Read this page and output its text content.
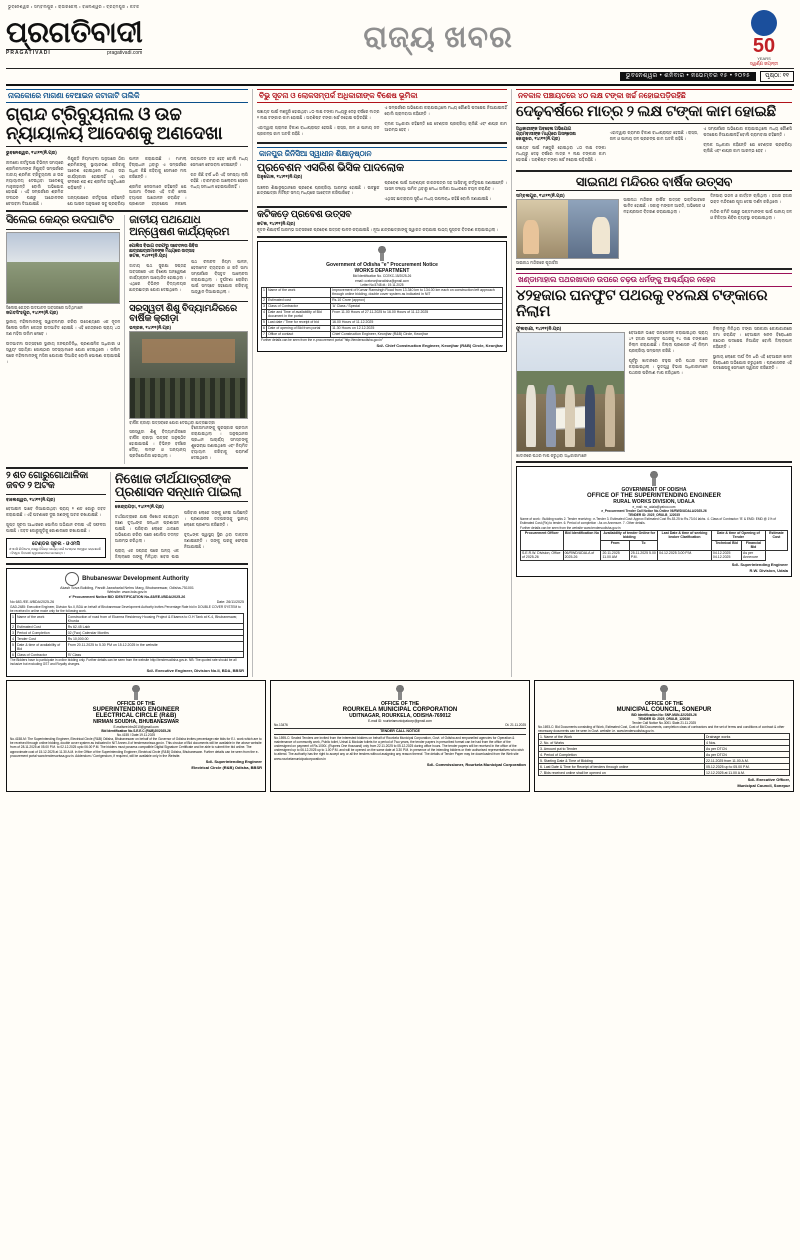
ଭୁବନେଶ୍ୱର • ସମ୍ବଲପୁର • ରାଉରକେଲା • ବାଲେଶ୍ୱର • ବ୍ରହ୍ମପୁର • କଟକ
ପ୍ରଗତିବାଦୀ
PRAGATIVADI	pragativadi.com	ରାଜ୍ୟ ଖବର	50
YEARS
ସ୍ୱର୍ଣ୍ଣ ଜୟନ୍ତୀ
ଭୁବନେଶ୍ୱର • ଶନିବାର • ନଭେମ୍ବର ୧୫ • ୨୦୨୫	ପୃଷ୍ଠା: ୧୧
ନାଲକୋରେ ମାଗଣା ବେଆଇନ ଜଟାଜାଟି ତାଲିକି
ଗ୍ରାନ୍ଦ ଟ୍ରିବ୍ୟୁନାଲ ଓ ଉଚ୍ଚ ନ୍ୟାୟାଳୟ ଆଦେଶକୁ ଅଣଦେଖା
ଭୁବନେଶ୍ୱର, ୧୪ା୧୧(ନି.ପ୍ର)

ନାଲକୋ କର୍ତ୍ତୃପକ୍ଷ ବିଭିନ୍ନ ସମୟରେ ଶ୍ରମିକମାନଙ୍କ ନିଯୁକ୍ତି ସମ୍ପର୍କରେ ଜାତୀୟ ଶ୍ରମିକ ଟ୍ରିବ୍ୟୁନାଲ ଓ ଉଚ୍ଚ ନ୍ୟାୟାଳୟ ଦେଇଥିବା ଆଦେଶକୁ ମାନୁନାହାନ୍ତି ବୋଲି ଅଭିଯୋଗ ହୋଇଛି । ଏହି ସମ୍ପର୍କରେ ଶ୍ରମିକ ସଂଗଠନ ପକ୍ଷରୁ ଆନ୍ଦୋଳନର ଚେତାବନୀ ଦିଆଯାଇଛି ।

ନିଯୁକ୍ତି ନିୟମାବଳୀ ଅନୁସାରେ ଠିକା ଶ୍ରମିକଙ୍କୁ ସ୍ଥାୟୀକରଣ କରିବାକୁ ଆଦେଶ ହୋଇଥିଲେ ମଧ୍ୟ ତାହା କାର୍ଯ୍ୟକାରୀ ହୋଇନାହିଁ । ଏହା ଫଳରେ ଶହ ଶହ ଶ୍ରମିକ ଅସୁବିଧାରେ ପଡ଼ିଛନ୍ତି ।

ଅନ୍ୟପକ୍ଷରେ କର୍ତ୍ତୃପକ୍ଷ କହିଛନ୍ତି ଯେ ଆଇନ ଅନୁସାରେ ସବୁ ପ୍ରକ୍ରିୟା ପାଳନ କରାଯାଉଛି । ମାମଲା ବିଚାରାଧୀନ ଥିବାରୁ ଏ ସମ୍ପର୍କରେ ଅଧିକ କିଛି କହିବାକୁ ସେମାନେ ମନା କରିଛନ୍ତି ।

ଶ୍ରମିକ ନେତାମାନେ କହିଛନ୍ତି ଯେ ଆଗାମୀ ଦିନରେ ଏହି ଦାବି ନେଇ ବ୍ୟାପକ ଆନ୍ଦୋଳନ କରାଯିବ । ପ୍ରଶାସନ ହସ୍ତକ୍ଷେପ ନକଲେ ଉତ୍ପାଦନ ବନ୍ଦ ହେବ ବୋଲି ମଧ୍ୟ ସେମାନେ ଚେତାବନୀ ଦେଇଛନ୍ତି ।

ଗତ କିଛି ବର୍ଷ ଧରି ଏହି ସମସ୍ୟା ଲାଗି ରହିଛି । ବାରମ୍ବାର ଆଲୋଚନା ହେଲେ ମଧ୍ୟ ସମାଧାନ ହୋଇପାରିନାହିଁ ।

ସିଲେଇ କେନ୍ଦ୍ର ଉଦଘାଟିତ
ସିଲେଇ କେନ୍ଦ୍ର ଉଦଘାଟନ ଅବସରରେ ଅତିଥିମାନେ
ଜଗତସିଂହପୁର, ୧୪ା୧୧(ନି.ପ୍ର)

ସ୍ଥାନୀୟ ମହିଳାମାନଙ୍କୁ ସ୍ୱାବଲମ୍ବୀ କରିବା ଉଦ୍ଦେଶ୍ୟରେ ଏକ ନୂତନ ସିଲେଇ ତାଲିମ କେନ୍ଦ୍ର ଉଦଘାଟିତ ହୋଇଛି । ଏହି କେନ୍ଦ୍ରରେ ପ୍ରାୟ ୪୦ ଜଣ ମହିଳା ତାଲିମ ନେବେ ।

ଉଦଘାଟନୀ ଉତ୍ସବରେ ସ୍ଥାନୀୟ ଜନପ୍ରତିନିଧି, ପ୍ରଶାସନିକ ଅଧିକାରୀ ଓ ସ୍ୱୟଂ ସହାୟିକା ଗୋଷ୍ଠୀର ସଦସ୍ୟାମାନେ ଯୋଗ ଦେଇଥିଲେ । ତାଲିମ ପରେ ମହିଳାମାନଙ୍କୁ ମସିନା ଯୋଗାଇ ଦିଆଯିବ ବୋଲି ଘୋଷଣା କରାଯାଇଛି ।

ଜାତୀୟ ପଥଯୋଧ ଅନ୍ୱେଷଣ କାର୍ଯ୍ୟକ୍ରମ
ପୋଲିସ ବିଭାଗ ତରଫରୁ ସଚେତନତା ଶିବିର
ଛାତ୍ରଛାତ୍ରୀମାନଙ୍କ ମଧ୍ୟରେ ଉତ୍ସାହ
କଟକ, ୧୪ା୧୧(ନି.ପ୍ର)

ଜାତୀୟ ପଥ ସୁରକ୍ଷା ସପ୍ତାହ ଅବସରରେ ଏକ ବିଶେଷ ଅନ୍ୱେଷଣ କାର୍ଯ୍ୟକ୍ରମ ଆୟୋଜିତ ହୋଇଥିଲା । ଏଥିରେ ବିଭିନ୍ନ ବିଦ୍ୟାଳୟର ଛାତ୍ରଛାତ୍ରୀ ଯୋଗ ଦେଇଥିଲେ ।

ପଥ ଚଳାଚଳ ନିୟମ ପାଳନ, ହେଲମେଟ ବ୍ୟବହାର ଓ ଗତି ସୀମା ସମ୍ପର୍କରେ ବିସ୍ତୃତ ଆଲୋଚନା କରାଯାଇଥିଲା । ଦୁର୍ଘଟଣା ରୋକିବା ପାଇଁ ସମସ୍ତେ ସହଯୋଗ କରିବାକୁ ଆହ୍ୱାନ ଦିଆଯାଇଥିଲା ।

ସରସ୍ୱତୀ ଶିଶୁ ବିଦ୍ୟାମନ୍ଦିରରେ ବାର୍ଷିକ କ୍ରୀଡ଼ା
ଭଦ୍ରକ, ୧୪ା୧୧(ନି.ପ୍ର)
ବାର୍ଷିକ କ୍ରୀଡ଼ା ଉତ୍ସବରେ ଯୋଗ ଦେଇଥିବା ଛାତ୍ରଛାତ୍ରୀ

ସରସ୍ୱତୀ ଶିଶୁ ବିଦ୍ୟାମନ୍ଦିରରେ ବାର୍ଷିକ କ୍ରୀଡ଼ା ଉତ୍ସବ ଅନୁଷ୍ଠିତ ହୋଇଯାଇଛି । ବିଭିନ୍ନ ବର୍ଗରେ ଦୌଡ଼, ଲମ୍ଫ ଓ ଅନ୍ୟାନ୍ୟ ପ୍ରତିଯୋଗିତା ହୋଇଥିଲା ।

ବିଜେତାମାନଙ୍କୁ ପୁରସ୍କାର ପ୍ରଦାନ କରାଯାଇଥିଲା । ଅନୁଷ୍ଠାନର ପ୍ରଧାନ ଆଚାର୍ଯ୍ୟ ସମସ୍ତଙ୍କୁ ଶୁଭେଚ୍ଛା ଜଣାଇଥିଲେ ଏବଂ ନିୟମିତ ବ୍ୟାୟାମ କରିବାକୁ ପରାମର୍ଶ ଦେଇଥିଲେ ।

୨ ଶତ ଗୋରୁଗୋଥାଳିକା ଜବତ ୨ ଅଟକ
ବାଲେଶ୍ୱର, ୧୪ା୧୧(ନି.ପ୍ର)

ବେଆଇନ ଭାବେ ନିଆଯାଉଥିବା ପ୍ରାୟ ୨ ଶତ ଗୋରୁ ଜବତ କରାଯାଇଛି । ଏହି ଘଟଣାରେ ଦୁଇ ଜଣଙ୍କୁ ଅଟକ ରଖାଯାଇଛି ।

ଗୁପ୍ତ ସୂଚନା ଆଧାରରେ ପୋଲିସ ଅଭିଯାନ ଚଳାଇ ଏହି ସଫଳତା ପାଇଛି । ଜବତ ଗୋରୁଗୁଡ଼ିକୁ ଗୋଶାଳାରେ ରଖାଯାଇଛି ।

ଟେଣ୍ଡର ସୂଚନା - ଓଏମସି
ଓଏମସି ଲିମିଟେଡ୍ ପକ୍ଷରୁ ବିଭିନ୍ନ କାର୍ଯ୍ୟ ପାଇଁ ଟେଣ୍ଡର ଆହ୍ୱାନ କରାଯାଉଛି । ବିସ୍ତୃତ ବିବରଣୀ ୱେବସାଇଟରେ ଉପଲବ୍ଧ ।
ନିଖୋଜ ତୀର୍ଥଯାତ୍ରୀଙ୍କ ପ୍ରଶାସନ ସନ୍ଧାନ ପାଇଲା
କେନ୍ଦ୍ରାପଡ଼ା, ୧୪ା୧୧(ନି.ପ୍ର)

ତୀର୍ଥଯାତ୍ରାରେ ଯାଇ ନିଖୋଜ ହୋଇଥିବା ଜଣେ ବୃଦ୍ଧଙ୍କ ସନ୍ଧାନ ପ୍ରଶାସନ ପାଇଛି । ପରିବାର ଲୋକେ ଥାନାରେ ଅଭିଯୋଗ କରିବା ପରେ ପୋଲିସ ତଦନ୍ତ ଆରମ୍ଭ କରିଥିଲା ।

ପ୍ରାୟ ଏକ ସପ୍ତାହ ପରେ ଅନ୍ୟ ଏକ ଜିଲ୍ଲାରେ ତାଙ୍କୁ ମିଳିଥିବା ଖବର ପାଇ ପରିବାର ଲୋକେ ତାଙ୍କୁ ନେଇ ଆସିଛନ୍ତି । ପ୍ରଶାସନର ତତ୍ପରତାକୁ ସ୍ଥାନୀୟ ଲୋକେ ପ୍ରଶଂସା କରିଛନ୍ତି ।

ବୃଦ୍ଧଙ୍କ ସ୍ୱାସ୍ଥ୍ୟ ସ୍ଥିର ଥିବା ଡାକ୍ତର ଜଣାଇଛନ୍ତି । ତାଙ୍କୁ ଘରକୁ ଫେରାଇ ନିଆଯାଇଛି ।

Bhubaneswar Development Authority
Akash Sova Building, Pandit Jawaharlal Nehru Marg, Bhubaneswar, Odisha-751001
Website: www.bda.gov.in
e' Procurement Notice BID IDENTIFICATION No-83/EE-I/BDA/2025-26
No 683 /EE-II/BDA/2025-26	Date: 26/11/2025
GAD-2485: Executive Engineer, Division No.II, BDA on behalf of Bhubaneswar Development Authority invites Percentage Rate bid in DOUBLE COVER SYSTEM to be received in online mode only for the following work.
1	Name of the work	Construction of road from of Ekamra Residency Housing Project & Ekamra to O.H Tank at K-4, Bhubaneswar, Khurda
2	Estimated Cost	Rs 62.45 Lakh
3	Period of Completion	02 (Two) Calendar Months
4	Tender Cost	Rs 10,000.00
5	Date & time of availability of Bid	From 20.11.2025 to 5.30 PM on 15.12.2025 in the website
6	Class of Contractor	'B' Class
The Bidders have to participate in online bidding only. Further details can be seen from the website http://tendersodisha.gov.in. NB: The quoted rate should be all inclusive but excluding GST and Royalty charges.
Sd/- Executive Engineer, Division No.II, BDA, BBSR
ବିଭୁ ସୂଚନା ଓ ଲୋକସମ୍ପର୍କ ଅଧିକାରୀଙ୍କ ବିଶେଷ ଭୂମିକା

ପଞ୍ଚାୟତ ପାଇଁ ମଞ୍ଜୁରି ହୋଇଥିବା ୪୦ ଲକ୍ଷ ଟଙ୍କା ମଧ୍ୟରୁ ଦେଢ଼ ବର୍ଷରେ ମାତ୍ର ୨ ଲକ୍ଷ ଟଙ୍କାର କାମ ହୋଇଛି । ଅବଶିଷ୍ଟ ଟଙ୍କା ଖର୍ଚ୍ଚ ନହୋଇ ପଡ଼ିରହିଛି ।

ଏହାଦ୍ୱାରା ଗ୍ରାମର ବିକାଶ ବାଧାପ୍ରାପ୍ତ ହେଉଛି । ରାସ୍ତା, ନାଳ ଓ ପାନୀୟ ଜଳ ପ୍ରକଳ୍ପ କାମ ଅଟକି ରହିଛି ।

ଏ ସମ୍ପର୍କରେ ଅଭିଯୋଗ କରାଯାଇଥିଲେ ମଧ୍ୟ କୌଣସି ପଦକ୍ଷେପ ନିଆଯାଇନାହିଁ ବୋଲି ଗ୍ରାମବାସୀ କହିଛନ୍ତି ।

ବ୍ଲକ ଅଧିକାରୀ କହିଛନ୍ତି ଯେ ଟେଣ୍ଡର ପ୍ରକ୍ରିୟା ଚାଲିଛି ଏବଂ ଶୀଘ୍ର କାମ ଆରମ୍ଭ ହେବ ।

କାନପୁର ଜିନିସିଆ ସ୍ୱାଧୀନ ଶିକ୍ଷାନୁଷ୍ଠାନ
ପ୍ରବେଶନ ଏସରିଶ ଭିସିକ ପାଦଲୋକ
ଅନୁଗୋଳ, ୧୪ା୧୧(ନି.ପ୍ର)

ଅଞ୍ଚଳର ଶିକ୍ଷାନୁଷ୍ଠାନରେ ପ୍ରବେଶ ପ୍ରକ୍ରିୟା ଆରମ୍ଭ ହୋଇଛି । ଇଚ୍ଛୁକ ଛାତ୍ରଛାତ୍ରୀ ନିର୍ଦ୍ଦିଷ୍ଟ ସମୟ ମଧ୍ୟରେ ଆବେଦନ କରିପାରିବେ ।

ପ୍ରବେଶ ପାଇଁ ଆବଶ୍ୟକ କାଗଜପତ୍ର ସହ ଆସିବାକୁ କର୍ତ୍ତୃପକ୍ଷ ଜଣାଇଛନ୍ତି । ଆସନ ସଂଖ୍ୟା ସୀମିତ ଥିବାରୁ ମେଧା ତାଲିକା ଆଧାରରେ ଚୟନ କରାଯିବ ।

ଏଥିସହ ଛାତ୍ରାବାସ ସୁବିଧା ମଧ୍ୟ ଉପଲବ୍ଧ ରହିଛି ବୋଲି ଜଣାଯାଇଛି ।

କଟିକଡ଼େ ପ୍ରବେଶ ଉତ୍ସବ
କଟକ, ୧୪ା୧୧(ନି.ପ୍ର)
ନୂତନ ଶିକ୍ଷାବର୍ଷ ଆରମ୍ଭ ଅବସରରେ ପ୍ରବେଶ ଉତ୍ସବ ପାଳନ କରାଯାଇଛି । ନୂଆ ଛାତ୍ରଛାତ୍ରୀଙ୍କୁ ସ୍ୱାଗତ କରାଯାଇ ପାଠ୍ୟ ପୁସ୍ତକ ବିତରଣ କରାଯାଇଥିଲା ।
Government of Odisha "e" Procurement Notice
WORKS DEPARTMENT
Bid Identification No. CCEKC-15/2025-26
email: ccekeonjharodisha@gmail.com
Letter No.5748 dt.: 19.11.2025
1	Name of the work	Improvement of Kumar Ramsingh Road from 13.340 km to 134.00 km each on construction left approach through online bidding, double cover system as indicated in NIT
2	Estimated cost	Rs.10 Crore (approx)
3	Class of Contractor	'A' Class / Special
4	Date and Time of availability of Bid document in the portal	From 11.00 Hours of 27.11.2025 to 16.00 Hours of 11.12.2025
5	Last date / Time for receipt of bid	16.00 Hours of 11.12.2025
6	Date of opening of Bid from portal	11.30 Hours on 12.12.2025
7	Office of contact	Chief Construction Engineer, Keonjhar (R&B) Circle, Keonjhar
Further details can be seen from the e-procurement portal "http://tendersodisha.gov.in"
Sd/- Chief Construction Engineer, Keonjhar (R&B) Circle, Keonjhar
ନବକାଳ ପଞ୍ଚାୟତରେ ୪୦ ଲକ୍ଷ ଟଙ୍କା ଖର୍ଚ୍ଚ ନହୋଇପଡ଼ିରହିଛି
ଦେଢ଼ବର୍ଷରେ ମାତ୍ର ୨ ଲକ୍ଷ ଟଙ୍କା କାମ ହୋଇଛି
ଅଧିକାରୀଙ୍କ ଅବହେଳା ଅଭିଯୋଗ
ଗ୍ରାମବାସୀଙ୍କ ମଧ୍ୟରେ ଅସନ୍ତୋଷ
କେନ୍ଦୁଝର, ୧୪ା୧୧(ନି.ପ୍ର)

ପଞ୍ଚାୟତ ପାଇଁ ମଞ୍ଜୁରି ହୋଇଥିବା ୪୦ ଲକ୍ଷ ଟଙ୍କା ମଧ୍ୟରୁ ଦେଢ଼ ବର୍ଷରେ ମାତ୍ର ୨ ଲକ୍ଷ ଟଙ୍କାର କାମ ହୋଇଛି । ଅବଶିଷ୍ଟ ଟଙ୍କା ଖର୍ଚ୍ଚ ନହୋଇ ପଡ଼ିରହିଛି ।

ଏହାଦ୍ୱାରା ଗ୍ରାମର ବିକାଶ ବାଧାପ୍ରାପ୍ତ ହେଉଛି । ରାସ୍ତା, ନାଳ ଓ ପାନୀୟ ଜଳ ପ୍ରକଳ୍ପ କାମ ଅଟକି ରହିଛି ।

ଏ ସମ୍ପର୍କରେ ଅଭିଯୋଗ କରାଯାଇଥିଲେ ମଧ୍ୟ କୌଣସି ପଦକ୍ଷେପ ନିଆଯାଇନାହିଁ ବୋଲି ଗ୍ରାମବାସୀ କହିଛନ୍ତି ।

ବ୍ଲକ ଅଧିକାରୀ କହିଛନ୍ତି ଯେ ଟେଣ୍ଡର ପ୍ରକ୍ରିୟା ଚାଲିଛି ଏବଂ ଶୀଘ୍ର କାମ ଆରମ୍ଭ ହେବ ।

ସାଇନାଥ ମନ୍ଦିରର ବାର୍ଷିକ ଉତ୍ସବ
ସମ୍ବଲପୁର, ୧୪ା୧୧(ନି.ପ୍ର)
ସାଇନାଥ ମନ୍ଦିରରେ ପୂଜାର୍ଚ୍ଚନା

ସାଇନାଥ ମନ୍ଦିରର ବାର୍ଷିକ ଉତ୍ସବ ଭକ୍ତିଭାବରେ ପାଳିତ ହୋଇଛି । ସକାଳୁ ମଙ୍ଗଳ ଆରତି, ଅଭିଷେକ ଓ ମହାପ୍ରସାଦ ବିତରଣ କରାଯାଇଥିଲା ।

ଦିନସାରା ଭଜନ ଓ କୀର୍ତ୍ତନ ଚାଲିଥିଲା । ହଜାର ହଜାର ଭକ୍ତ ମନ୍ଦିରରେ ପୂଜା ଦେଇ ଦର୍ଶନ କରିଥିଲେ ।

ମନ୍ଦିର କମିଟି ପକ୍ଷରୁ ଭକ୍ତମାନଙ୍କ ପାଇଁ ପାନୀୟ ଜଳ ଓ ଚିକିତ୍ସା ଶିବିର ବ୍ୟବସ୍ଥା କରାଯାଇଥିଲା ।

ଖଣ୍ଡାମାହାଲ ପଥରଖାଦାନ ଉପରେ ଚଢ଼ଉ ଧର୍ମଙ୍କୁ ଆଶ୍ଚର୍ଯ୍ୟର ନହେଜ
୪୨ହଜାର ଘନଫୁଟ ପଥରକୁ ୧୪ଲକ୍ଷ ଟଙ୍କାରେ ନିଲାମ
ଫୁଲବାଣୀ, ୧୪ା୧୧(ନି.ପ୍ର)
ଖାଦାନରେ ପଥର ମାପ କରୁଥିବା ଅଧିକାରୀମାନେ

ବେଆଇନ ଭାବେ ଉତ୍ତୋଳନ କରାଯାଇଥିବା ପ୍ରାୟ ୪୨ ହଜାର ଘନଫୁଟ ପଥରକୁ ୧୪ ଲକ୍ଷ ଟଙ୍କାରେ ନିଲାମ କରାଯାଇଛି । ଜିଲ୍ଲା ପ୍ରଶାସନ ଏହି ନିଲାମ ପ୍ରକ୍ରିୟା ସମ୍ପନ୍ନ କରିଛି ।

ପୂର୍ବରୁ ଖାଦାନରେ ଚଢ଼ଉ କରି ପଥର ଜବତ କରାଯାଇଥିଲା । ଭୂତତ୍ତ୍ୱ ବିଭାଗ ଅଧିକାରୀମାନେ ପଥରର ପରିମାଣ ମାପ କରିଥିଲେ ।

ନିଲାମରୁ ମିଳିଥିବା ଟଙ୍କା ସରକାରୀ କୋଷାଗାରରେ ଜମା କରାଯିବ । ବେଆଇନ ଖନନ ବିରୋଧରେ କଠୋର ପଦକ୍ଷେପ ନିଆଯିବ ବୋଲି ଜିଲ୍ଲାପାଳ କହିଛନ୍ତି ।

ସ୍ଥାନୀୟ ଲୋକେ ଦୀର୍ଘ ଦିନ ଧରି ଏହି ବେଆଇନ ଖନନ ବିରୋଧରେ ଅଭିଯୋଗ କରୁଥିଲେ । ପ୍ରଶାସନର ଏହି ପଦକ୍ଷେପକୁ ସେମାନେ ସ୍ୱାଗତ କରିଛନ୍ତି ।

GOVERNMENT OF ODISHA
OFFICE OF THE SUPERINTENDING ENGINEER
RURAL WORKS DIVISION, UDALA
e_mail: rw_udala@yahoo.com
e_Procurement Tender Call Notice No.Online 06/RWD/UDALA/2025-26
TENDER ID: 2025_ORULB_122035
Name of work : Building works 2. Tender receiving : e-Tender 3. Estimated Cost: Approx Estimated Cost Rs.53.25 to Rs.73.04 lakhs. 4. Class of Contractor: 'B' & EMD: EMD @ 1% of Estimated Cost (Rs) to tender. 6. Period of completion : As on Annexure. 7. Other details.
Further details can be seen from the website www.tendersodisha.gov.in
Procurement Officer	Bid Identification No	Availability of tender Online for bidding		Last Date & time of seeking broker Clarification	Date & time of Opening of Tender		Estimate Cost
		From	To		Technical Bid	Financial Bid	
S.E.R.W. Division, Office of 2025-26	06/RWD/UDALA of 2025-26	20.11.2025 11.00 AM	25.11.2025 5.00 P.M.	04.12.2025 3.00 P.M.	04.12.2025 04.12.2025	As per Annexure	
Sd/- Superintending Engineer
R.W. Division, Udala
OFFICE OF THE
SUPERINTENDING ENGINEER
ELECTRICAL CIRCLE (R&B)
NIRMAN SOUDHA, BHUBANESWAR
E-mailsee.bbs2010@gmail.com
Bid Identification No.S.E.E.C (R&B)20/2025-26
No.4155 / Date:19.11.2025
No.4158-M: The Superintending Engineer, Electrical Circle (R&B) Odisha, Bhubaneswar on behalf of the Governor of Odisha invites percentage rate bids for E.I. work which are to be received through online bidding, double cover system as indicated in NIT Annex-II of tenderseorissa.gov.in. This circular of Bid documents will be available in the above website from of 28.11.2025 at 05.00 P.M. to 02.12.2025 upto 06.00 P.M. The bidders must possess compatible Digital Signature Certificate and be able to submit the bid online. The approximate cost of 15.12.2025 at 11.30 A.M. in the Office of the Superintending Engineer, Electrical Circle (R&B) Odisha, Bhubaneswar. Further details can be seen from the e-procurement portal www.tendersorissa.gov.in. Addendum / Corrigendum, if required, will be available only in the Website.
Sd/- Superintending Engineer
Electrical Circle (R&B) Odisha, BBSR
OFFICE OF THE
ROURKELA MUNICIPAL CORPORATION
UDITNAGAR, ROURKELA, ODISHA-769012
E-mail ID: rourkelamunicipalcorp@gmail.com
No.13476	Dt. 21.11.2025
TENDER CALL NOTICE
No.1595-C: Sealed Tenders are invited from the interested bidders on behalf of Rourkela Municipal Corporation, Govt. of Odisha and empanelled agencies for Operation & maintenance of community work, Public toilet, Urinal & Modular toilets for a period of Two years, the tender papers in prescribed format can be had from the office of the undersigned on payment of Rs.1000/- (Rupees One thousand) only from 22.11.2025 to 05.12.2025 during office hours. The tender papers will be received in the office of the undersigned up to 06.12.2025 up to 1.00 P.M. and will be opened on the same date at 3.30 P.M. in presence of the intending bidders or their authorised representatives who wish to attend. The authority has the right to accept any or all the tenders without assigning any reason thereof. The details of Tender Paper may be downloaded from the Web site www.rourkelamunicipalcorporation.in
Sd/- Commissioner, Rourkela Municipal Corporation
OFFICE OF THE
MUNICIPAL COUNCIL, SONEPUR
BID Identification No: SNP-MUN-32/2025-26
TENDER ID: 2025_ORULB_122036
Tender Call Notice No.3001 /Date.21.11.2025
No.1693-C: Bid Documents consisting of Work, Estimated Cost, Cost of Bid Documents, completion class of contractors and the set of terms and conditions of contract & other necessary documents can be seen in Govt. website i.e. www.tendersodisha.gov.in.
1. Name of the Work	Drainage works
2. No. of Works	4 Nos.
3. Amount put to Tender	As per DTCN
4. Period of Completion	As per DTCN
5. Starting Date & Time of Bidding	22.11.2025 from 11.00 A.M.
6. Last Date & Time for Receipt of tenders through online	05.12.2025 up to 05.00 P.M.
7. Bids received online shall be opened on	12.12.2025 at 11.00 A.M.
Sd/- Executive Officer,
Municipal Council, Sonepur
